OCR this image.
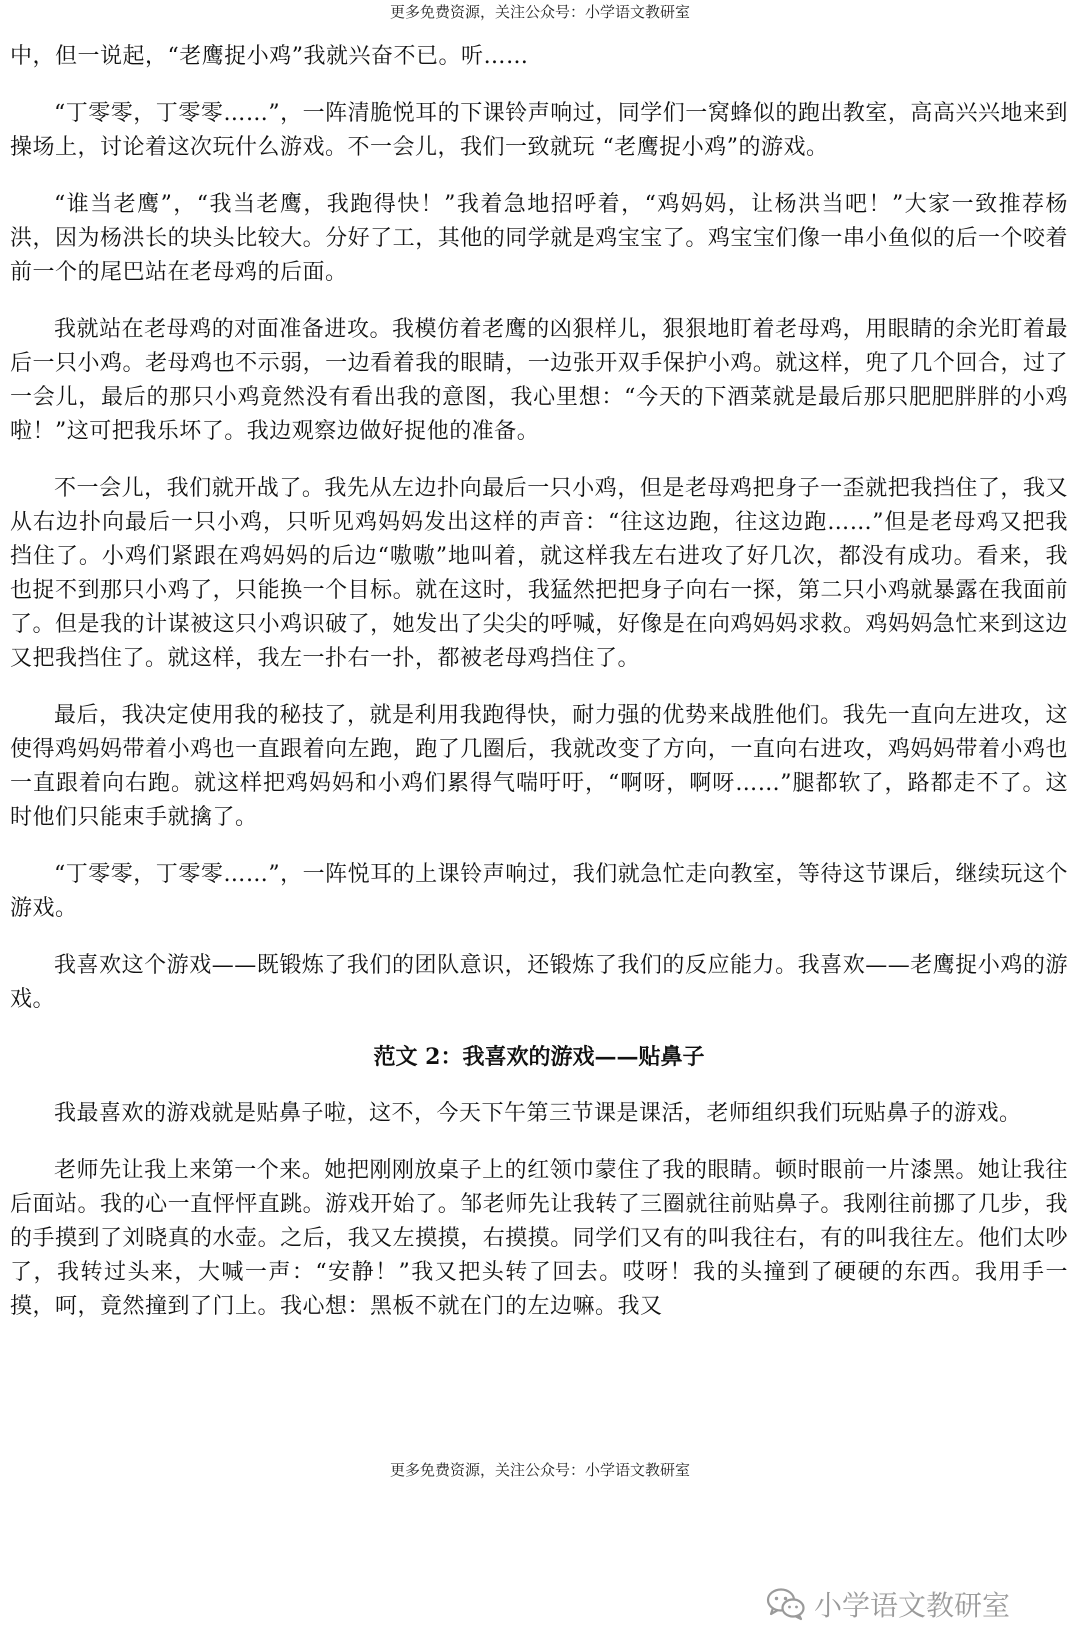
更多免费资源，关注公众号：小学语文教研室

中，但一说起，“老鹰捉小鸡”我就兴奋不已。听……

“丁零零，丁零零……”，一阵清脆悦耳的下课铃声响过，同学们一窝蜂似的跑出教室，高高兴兴地来到操场上，讨论着这次玩什么游戏。不一会儿，我们一致就玩 “老鹰捉小鸡”的游戏。

“谁当老鹰”，“我当老鹰，我跑得快！”我着急地招呼着，“鸡妈妈，让杨洪当吧！”大家一致推荐杨洪，因为杨洪长的块头比较大。分好了工，其他的同学就是鸡宝宝了。鸡宝宝们像一串小鱼似的后一个咬着前一个的尾巴站在老母鸡的后面。

我就站在老母鸡的对面准备进攻。我模仿着老鹰的凶狠样儿，狠狠地盯着老母鸡，用眼睛的余光盯着最后一只小鸡。老母鸡也不示弱，一边看着我的眼睛，一边张开双手保护小鸡。就这样，兜了几个回合，过了一会儿，最后的那只小鸡竟然没有看出我的意图，我心里想：“今天的下酒菜就是最后那只肥肥胖胖的小鸡啦！”这可把我乐坏了。我边观察边做好捉他的准备。

不一会儿，我们就开战了。我先从左边扑向最后一只小鸡，但是老母鸡把身子一歪就把我挡住了，我又从右边扑向最后一只小鸡，只听见鸡妈妈发出这样的声音：“往这边跑，往这边跑……”但是老母鸡又把我挡住了。小鸡们紧跟在鸡妈妈的后边“嗷嗷”地叫着，就这样我左右进攻了好几次，都没有成功。看来，我也捉不到那只小鸡了，只能换一个目标。就在这时，我猛然把把身子向右一探，第二只小鸡就暴露在我面前了。但是我的计谋被这只小鸡识破了，她发出了尖尖的呼喊，好像是在向鸡妈妈求救。鸡妈妈急忙来到这边又把我挡住了。就这样，我左一扑右一扑，都被老母鸡挡住了。

最后，我决定使用我的秘技了，就是利用我跑得快，耐力强的优势来战胜他们。我先一直向左进攻，这使得鸡妈妈带着小鸡也一直跟着向左跑，跑了几圈后，我就改变了方向，一直向右进攻，鸡妈妈带着小鸡也一直跟着向右跑。就这样把鸡妈妈和小鸡们累得气喘吁吁，“啊呀，啊呀……”腿都软了，路都走不了。这时他们只能束手就擒了。

“丁零零，丁零零……”，一阵悦耳的上课铃声响过，我们就急忙走向教室，等待这节课后，继续玩这个游戏。

我喜欢这个游戏——既锻炼了我们的团队意识，还锻炼了我们的反应能力。我喜欢——老鹰捉小鸡的游戏。

范文 2：我喜欢的游戏——贴鼻子

我最喜欢的游戏就是贴鼻子啦，这不，今天下午第三节课是课活，老师组织我们玩贴鼻子的游戏。

老师先让我上来第一个来。她把刚刚放桌子上的红领巾蒙住了我的眼睛。顿时眼前一片漆黑。她让我往后面站。我的心一直怦怦直跳。游戏开始了。邹老师先让我转了三圈就往前贴鼻子。我刚往前挪了几步，我的手摸到了刘晓真的水壶。之后，我又左摸摸，右摸摸。同学们又有的叫我往右，有的叫我往左。他们太吵了，我转过头来，大喊一声：“安静！”我又把头转了回去。哎呀！我的头撞到了硬硬的东西。我用手一摸，呵，竟然撞到了门上。我心想：黑板不就在门的左边嘛。我又

更多免费资源，关注公众号：小学语文教研室
小学语文教研室
